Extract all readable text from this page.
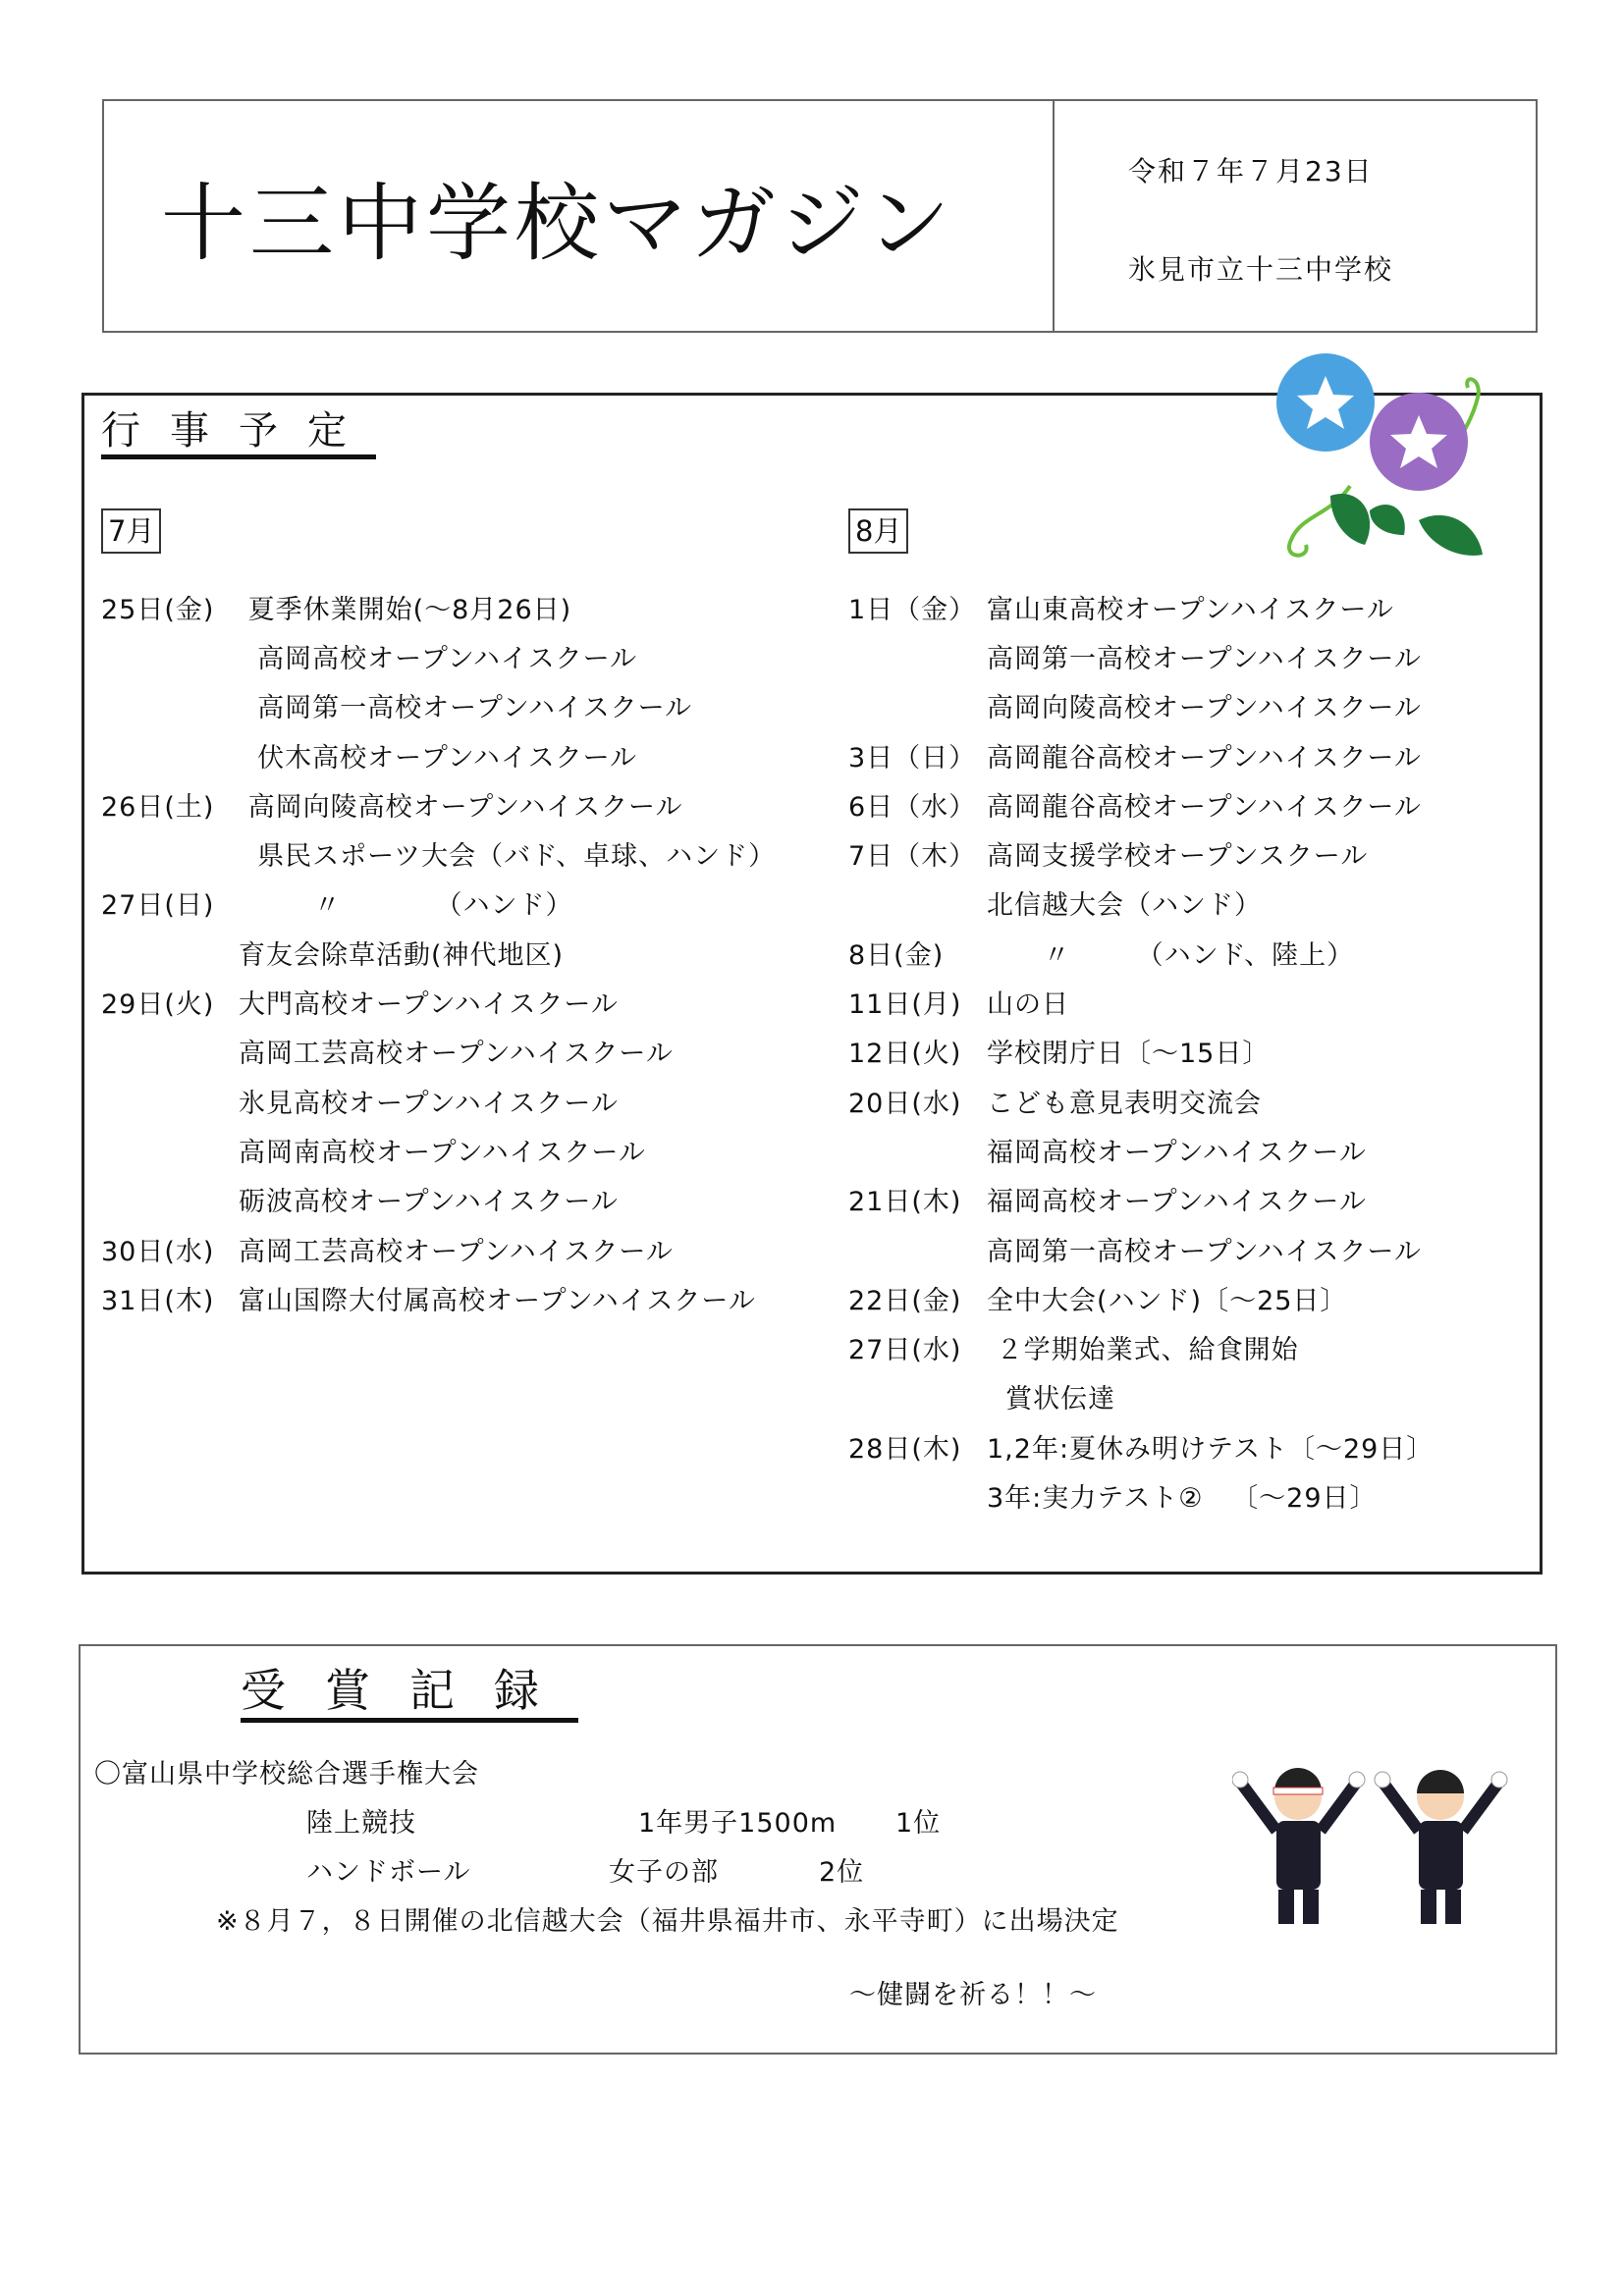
十三中学校マガジン
令和７年７月23日
氷見市立十三中学校
行事予定
7月	8月
25日(金) 夏季休業開始(～8月26日)
高岡高校オープンハイスクール
高岡第一高校オープンハイスクール
伏木高校オープンハイスクール
26日(土) 高岡向陵高校オープンハイスクール
県民スポーツ大会（バド、卓球、ハンド）
27日(日) 〃          （ハンド）
育友会除草活動(神代地区)
29日(火) 大門高校オープンハイスクール
高岡工芸高校オープンハイスクール
氷見高校オープンハイスクール
高岡南高校オープンハイスクール
砺波高校オープンハイスクール
30日(水) 高岡工芸高校オープンハイスクール
31日(木) 富山国際大付属高校オープンハイスクール
1日（金） 富山東高校オープンハイスクール
高岡第一高校オープンハイスクール
高岡向陵高校オープンハイスクール
3日（日） 高岡龍谷高校オープンハイスクール
6日（水） 高岡龍谷高校オープンハイスクール
7日（木） 高岡支援学校オープンスクール
北信越大会（ハンド）
8日(金)	〃       （ハンド、陸上）
11日(月) 山の日
12日(火) 学校閉庁日〔～15日〕
20日(水) こども意見表明交流会
福岡高校オープンハイスクール
21日(木) 福岡高校オープンハイスクール
高岡第一高校オープンハイスクール
22日(金) 全中大会(ハンド)〔～25日〕
27日(水) ２学期始業式、給食開始
賞状伝達
28日(木) 1,2年:夏休み明けテスト〔～29日〕
3年:実力テスト②   〔～29日〕
受賞記録
〇富山県中学校総合選手権大会
陸上競技	1年男子1500m 1位
ハンドボール	女子の部	2位
※８月７，８日開催の北信越大会（福井県福井市、永平寺町）に出場決定
～健闘を祈る！！～
